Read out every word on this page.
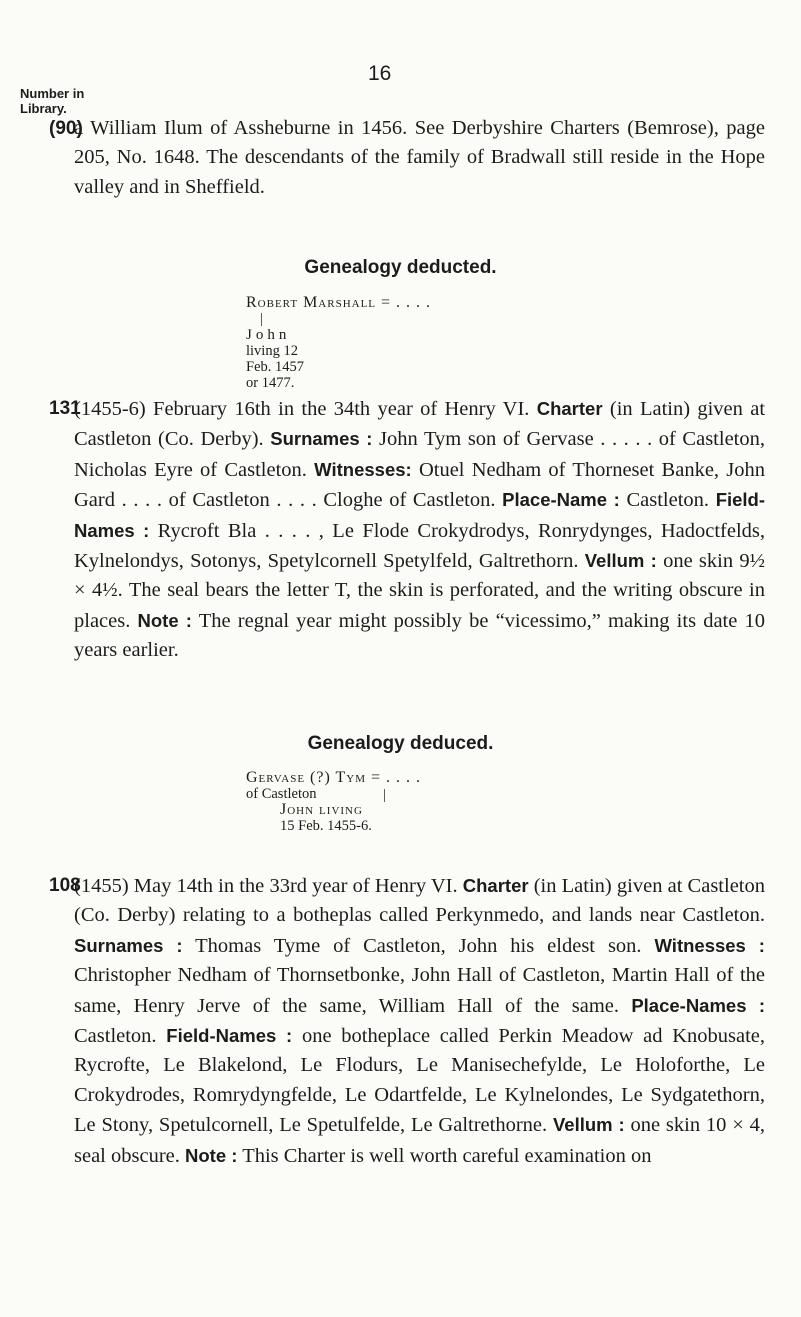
16
Number in
Library.
(90)
a William Ilum of Assheburne in 1456. See Derbyshire Charters (Bemrose), page 205, No. 1648. The descendants of the family of Bradwall still reside in the Hope valley and in Sheffield.
Genealogy deducted.
Robert Marshall = . . . .
|
John
living 12
Feb. 1457
or 1477.
131
(1455-6) February 16th in the 34th year of Henry VI. Charter (in Latin) given at Castleton (Co. Derby). Surnames : John Tym son of Gervase . . . . . of Castleton, Nicholas Eyre of Castleton. Witnesses: Otuel Nedham of Thorneset Banke, John Gard . . . . of Castleton . . . . Cloghe of Castleton. Place-Name : Castleton. Field-Names : Rycroft Bla . . . . , Le Flode Crokydrodys, Ronrydynges, Hadoctfelds, Kylnelondys, Sotonys, Spetylcornell Spetylfeld, Galtrethorn. Vellum : one skin 9½ × 4½. The seal bears the letter T, the skin is perforated, and the writing obscure in places. Note : The regnal year might possibly be “vicessimo,” making its date 10 years earlier.
Genealogy deduced.
Gervase (?) Tym = . . . .
of Castleton	|
John living
15 Feb. 1455-6.
108
(1455) May 14th in the 33rd year of Henry VI. Charter (in Latin) given at Castleton (Co. Derby) relating to a botheplas called Perkynmedo, and lands near Castleton. Surnames : Thomas Tyme of Castleton, John his eldest son. Witnesses : Christopher Nedham of Thornsetbonke, John Hall of Castleton, Martin Hall of the same, Henry Jerve of the same, William Hall of the same. Place-Names : Castleton. Field-Names : one botheplace called Perkin Meadow ad Knobusate, Rycrofte, Le Blakelond, Le Flodurs, Le Manisechefylde, Le Holoforthe, Le Crokydrodes, Romrydyngfelde, Le Odartfelde, Le Kylnelondes, Le Sydgatethorn, Le Stony, Spetulcornell, Le Spetulfelde, Le Galtrethorne. Vellum : one skin 10 × 4, seal obscure. Note : This Charter is well worth careful examination on
